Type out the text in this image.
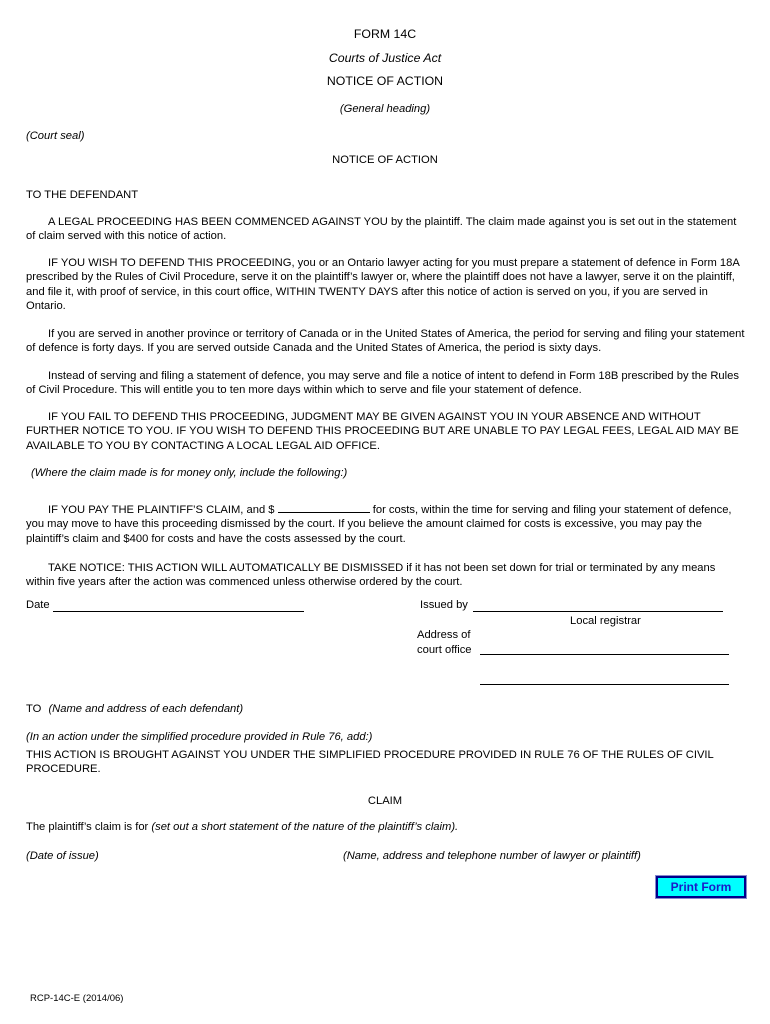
FORM 14C
Courts of Justice Act
NOTICE OF ACTION
(General heading)
(Court seal)
NOTICE OF ACTION
TO THE DEFENDANT
A LEGAL PROCEEDING HAS BEEN COMMENCED AGAINST YOU by the plaintiff. The claim made against you is set out in the statement of claim served with this notice of action.
IF YOU WISH TO DEFEND THIS PROCEEDING, you or an Ontario lawyer acting for you must prepare a statement of defence in Form 18A prescribed by the Rules of Civil Procedure, serve it on the plaintiff’s lawyer or, where the plaintiff does not have a lawyer, serve it on the plaintiff, and file it, with proof of service, in this court office, WITHIN TWENTY DAYS after this notice of action is served on you, if you are served in Ontario.
If you are served in another province or territory of Canada or in the United States of America, the period for serving and filing your statement of defence is forty days. If you are served outside Canada and the United States of America, the period is sixty days.
Instead of serving and filing a statement of defence, you may serve and file a notice of intent to defend in Form 18B prescribed by the Rules of Civil Procedure. This will entitle you to ten more days within which to serve and file your statement of defence.
IF YOU FAIL TO DEFEND THIS PROCEEDING, JUDGMENT MAY BE GIVEN AGAINST YOU IN YOUR ABSENCE AND WITHOUT FURTHER NOTICE TO YOU. IF YOU WISH TO DEFEND THIS PROCEEDING BUT ARE UNABLE TO PAY LEGAL FEES, LEGAL AID MAY BE AVAILABLE TO YOU BY CONTACTING A LOCAL LEGAL AID OFFICE.
(Where the claim made is for money only, include the following:)
IF YOU PAY THE PLAINTIFF’S CLAIM, and $	for costs, within the time for serving and filing your statement of defence, you may move to have this proceeding dismissed by the court. If you believe the amount claimed for costs is excessive, you may pay the plaintiff’s claim and $400 for costs and have the costs assessed by the court.
TAKE NOTICE: THIS ACTION WILL AUTOMATICALLY BE DISMISSED if it has not been set down for trial or terminated by any means within five years after the action was commenced unless otherwise ordered by the court.
Date	Issued by
Local registrar
Address of
court office
TO (Name and address of each defendant)
(In an action under the simplified procedure provided in Rule 76, add:)
THIS ACTION IS BROUGHT AGAINST YOU UNDER THE SIMPLIFIED PROCEDURE PROVIDED IN RULE 76 OF THE RULES OF CIVIL PROCEDURE.
CLAIM
The plaintiff’s claim is for (set out a short statement of the nature of the plaintiff’s claim).
(Date of issue)	(Name, address and telephone number of lawyer or plaintiff)
Print Form
RCP-14C-E (2014/06)
